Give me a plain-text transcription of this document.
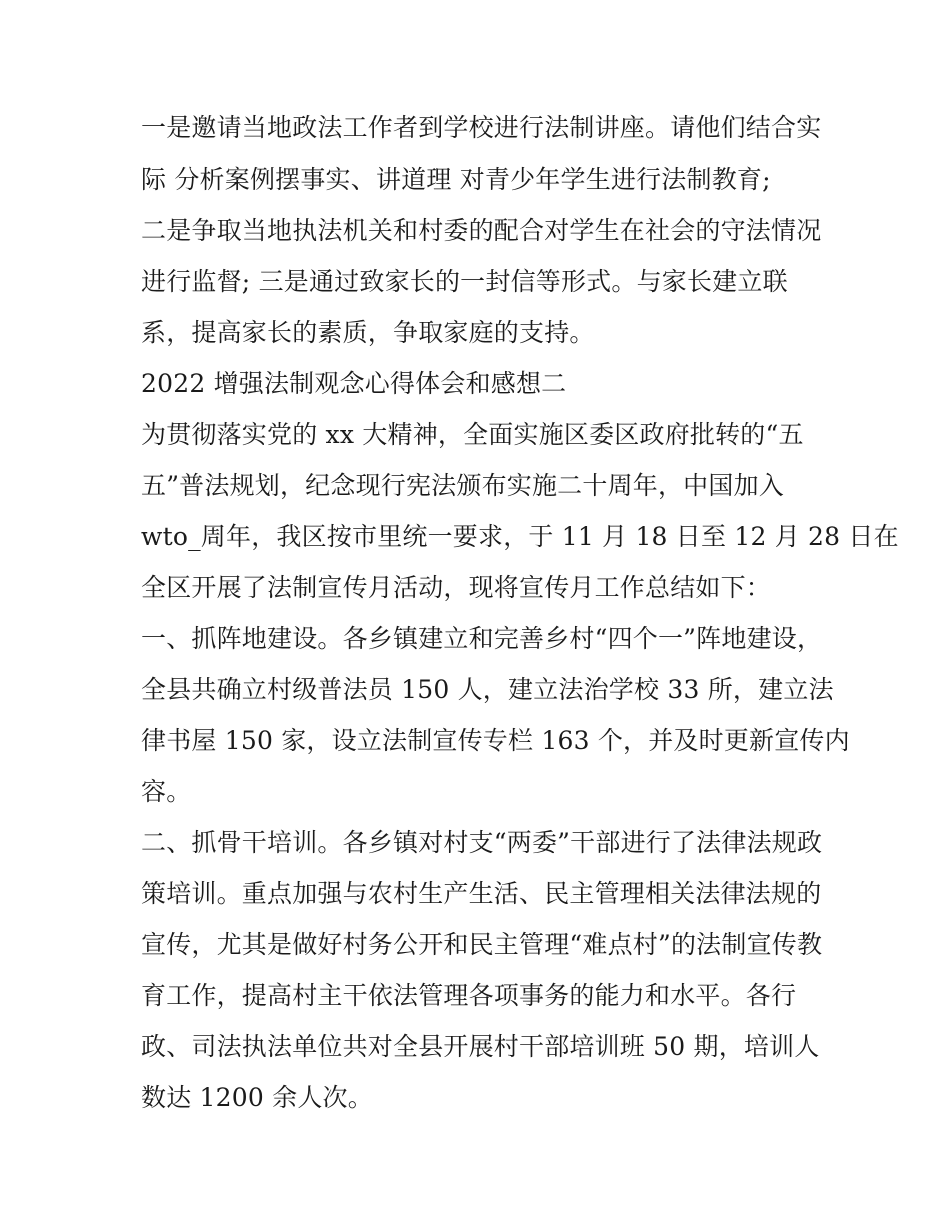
一是邀请当地政法工作者到学校进行法制讲座。请他们结合实
际 分析案例摆事实、讲道理 对青少年学生进行法制教育;
二是争取当地执法机关和村委的配合对学生在社会的守法情况
进行监督; 三是通过致家长的一封信等形式。与家长建立联
系，提高家长的素质，争取家庭的支持。
2022 增强法制观念心得体会和感想二
为贯彻落实党的 xx 大精神，全面实施区委区政府批转的“五
五”普法规划，纪念现行宪法颁布实施二十周年，中国加入
wto_周年，我区按市里统一要求，于 11 月 18 日至 12 月 28 日在
全区开展了法制宣传月活动，现将宣传月工作总结如下：
一、抓阵地建设。各乡镇建立和完善乡村“四个一”阵地建设，
全县共确立村级普法员 150 人，建立法治学校 33 所，建立法
律书屋 150 家，设立法制宣传专栏 163 个，并及时更新宣传内
容。
二、抓骨干培训。各乡镇对村支“两委”干部进行了法律法规政
策培训。重点加强与农村生产生活、民主管理相关法律法规的
宣传，尤其是做好村务公开和民主管理“难点村”的法制宣传教
育工作，提高村主干依法管理各项事务的能力和水平。各行
政、司法执法单位共对全县开展村干部培训班 50 期，培训人
数达 1200 余人次。
